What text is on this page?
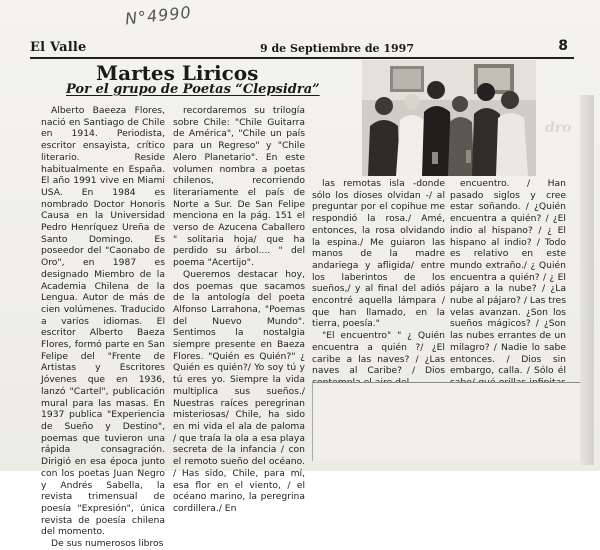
dro
N°4990
El Valle	9 de Septiembre de 1997	8
Martes Liricos
Por el grupo de Poetas “Clepsidra”

Alberto Baeeza Flores, nació en Santiago de Chile en 1914. Periodista, escritor ensayista, crítico literario. Reside habitualmente en España. El año 1991 vive en Miami USA. En 1984 es nombrado Doctor Honoris Causa en la Universidad Pedro Henríquez Ureña de Santo Domingo. Es poseedor del "Caonabo de Oro", en 1987 es designado Miembro de la Academia Chilena de la Lengua. Autor de más de cien volúmenes. Traducido a varios idiomas. El escritor Alberto Baeza Flores, formó parte en San Felipe del "Frente de Artistas y Escritores Jóvenes que en 1936, lanzó "Cartel", publicación mural para las masas. En 1937 publica "Experiencia de Sueño y Destino", poemas que tuvieron una rápida consagración. Dirigió en esa época junto con los poetas Juan Negro y Andrés Sabella, la revista trimensual de poesía "Expresión", única revista de poesía chilena del momento.

De sus numerosos libros

recordaremos su trilogía sobre Chile: "Chile Guitarra de América", "Chile un país para un Regreso" y "Chile Alero Planetario". En este volumen nombra a poetas chilenos, recorriendo literariamente el país de Norte a Sur. De San Felipe menciona en la pág. 151 el verso de Azucena Caballero " solitaria hoja/ que ha perdido su árbol.... " del poema "Acertijo".

Queremos destacar hoy, dos poemas que sacamos de la antología del poeta Alfonso Larrahona, "Poemas del Nuevo Mundo". Sentimos la nostalgia siempre presente en Baeza Flores. "Quién es Quién?" ¿ Quién es quién?/ Yo soy tú y tú eres yo. Siempre la vida multiplica sus sueños./ Nuestras raíces peregrinan misteriosas/ Chile, ha sido en mi vida el ala de paloma / que traía la ola a esa playa secreta de la infancia / con el remoto sueño del océano. / Has sido, Chile, para mí, esa flor en el viento, / el océano marino, la peregrina cordillera./ En

las remotas isla -donde sólo los dioses olvidan -/ al preguntar por el copihue me respondió la rosa./ Amé, entonces, la rosa olvidando la espina./ Me guiaron las manos de la madre andariega y afligida/ entre los laberintos de los sueños,/ y al final del adiós encontré aquella lámpara / que han llamado, en la tierra, poesía."

"El encuentro" " ¿ Quién encuentra a quién ?/ ¿El caribe a las naves? / ¿Las naves al Caribe? / Dios

encuentro. / Han pasado siglos y cree estar soñando. / ¿Quién encuentra a quién? / ¿El indio al hispano? / ¿ El hispano al indio? / Todo es relativo en este mundo extraño./ ¿ Quién encuentra a quién? / ¿ El pájaro a la nube? / ¿La nube al pájaro? / Las tres velas avanzan. ¿Son los sueños mágicos? / ¿Son las nubes errantes de un milagro? / Nadie lo sabe entonces. / Dios sin embargo, calla. / Sólo él
